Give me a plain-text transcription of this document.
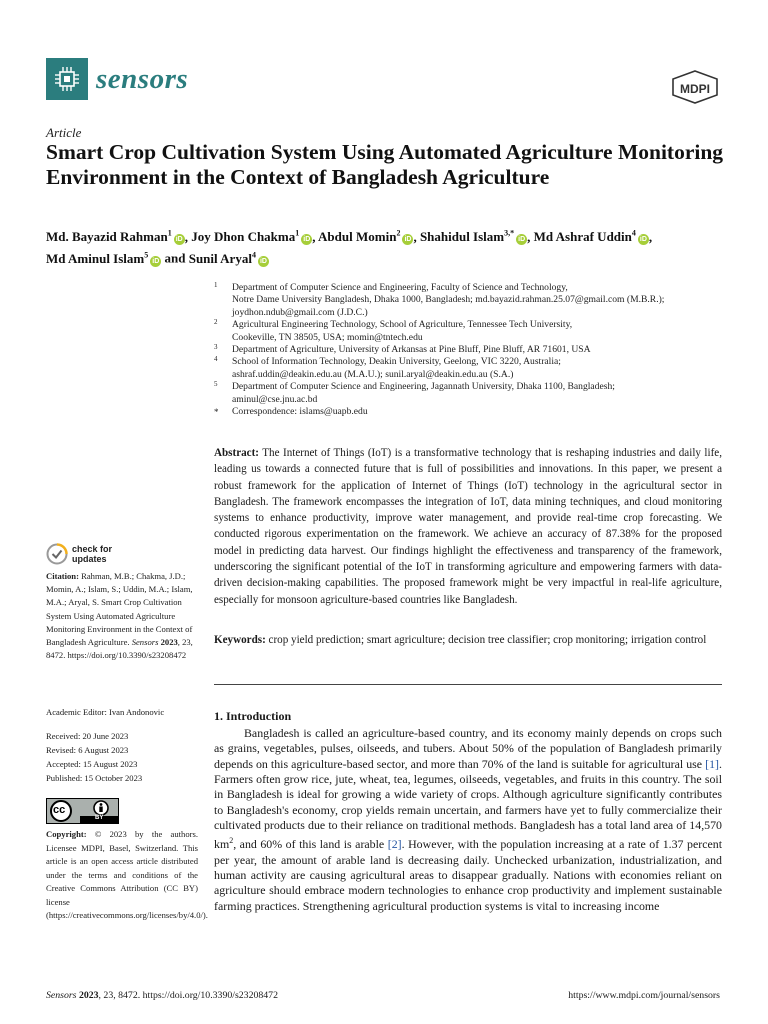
sensors	MDPI
Article
Smart Crop Cultivation System Using Automated Agriculture Monitoring Environment in the Context of Bangladesh Agriculture
Md. Bayazid Rahman$^1$iD , Joy Dhon Chakma$^1$iD , Abdul Momin$^2$iD , Shahidul Islam$^{3,*}$iD , Md Ashraf Uddin$^4$iD ,
Md Aminul Islam$^5$iD and Sunil Aryal$^4$iD
1 Department of Computer Science and Engineering, Faculty of Science and Technology,
Notre Dame University Bangladesh, Dhaka 1000, Bangladesh; md.bayazid.rahman.25.07@gmail.com (M.B.R.);
joydhon.ndub@gmail.com (J.D.C.)
2 Agricultural Engineering Technology, School of Agriculture, Tennessee Tech University,
Cookeville, TN 38505, USA; momin@tntech.edu
3 Department of Agriculture, University of Arkansas at Pine Bluff, Pine Bluff, AR 71601, USA
4 School of Information Technology, Deakin University, Geelong, VIC 3220, Australia;
ashraf.uddin@deakin.edu.au (M.A.U.); sunil.aryal@deakin.edu.au (S.A.)
5 Department of Computer Science and Engineering, Jagannath University, Dhaka 1100, Bangladesh;
aminul@cse.jnu.ac.bd
* Correspondence: islams@uapb.edu

Abstract: The Internet of Things (IoT) is a transformative technology that is reshaping industries and daily life, leading us towards a connected future that is full of possibilities and innovations. In this paper, we present a robust framework for the application of Internet of Things (IoT) technology in the agricultural sector in Bangladesh. The framework encompasses the integration of IoT, data mining techniques, and cloud monitoring systems to enhance productivity, improve water management, and provide real-time crop forecasting. We conducted rigorous experimentation on the framework. We achieve an accuracy of 87.38% for the proposed model in predicting data harvest. Our findings highlight the effectiveness and transparency of the framework, underscoring the significant potential of the IoT in transforming agriculture and empowering farmers with data-driven decision-making capabilities. The proposed framework might be very impactful in real-life agriculture, especially for monsoon agriculture-based countries like Bangladesh.

Keywords: crop yield prediction; smart agriculture; decision tree classifier; crop monitoring; irrigation control

check for
updates
Citation: Rahman, M.B.; Chakma, J.D.; Momin, A.; Islam, S.; Uddin, M.A.; Islam, M.A.; Aryal, S. Smart Crop Cultivation System Using Automated Agriculture Monitoring Environment in the Context of Bangladesh Agriculture. Sensors 2023, 23, 8472. https://doi.org/10.3390/s23208472
Academic Editor: Ivan Andonovic
Received: 20 June 2023
Revised: 6 August 2023
Accepted: 15 August 2023
Published: 15 October 2023
cc
BY

Copyright: © 2023 by the authors. Licensee MDPI, Basel, Switzerland. This article is an open access article distributed under the terms and conditions of the Creative Commons Attribution (CC BY) license (https://creativecommons.org/licenses/by/4.0/).

1. Introduction

Bangladesh is called an agriculture-based country, and its economy mainly depends on crops such as grains, vegetables, pulses, oilseeds, and tubers. About 50% of the population of Bangladesh primarily depends on this agriculture-based sector, and more than 70% of the land is suitable for agricultural use [1]. Farmers often grow rice, jute, wheat, tea, legumes, oilseeds, vegetables, and fruits in this country. The soil in Bangladesh is ideal for growing a wide variety of crops. Although agriculture significantly contributes to Bangladesh's economy, crop yields remain uncertain, and farmers have yet to fully commercialize their cultivated products due to their reliance on traditional methods. Bangladesh has a total land area of 14,570 $km^2$, and 60% of this land is arable [2]. However, with the population increasing at a rate of 1.37 percent per year, the amount of arable land is decreasing daily. Unchecked urbanization, industrialization, and human activity are causing agricultural areas to disappear gradually. Nations with economies reliant on agriculture should embrace modern technologies to enhance crop productivity and implement sustainable farming practices. Strengthening agricultural production systems is vital to increasing income

Sensors 2023, 23, 8472. https://doi.org/10.3390/s23208472	https://www.mdpi.com/journal/sensors
